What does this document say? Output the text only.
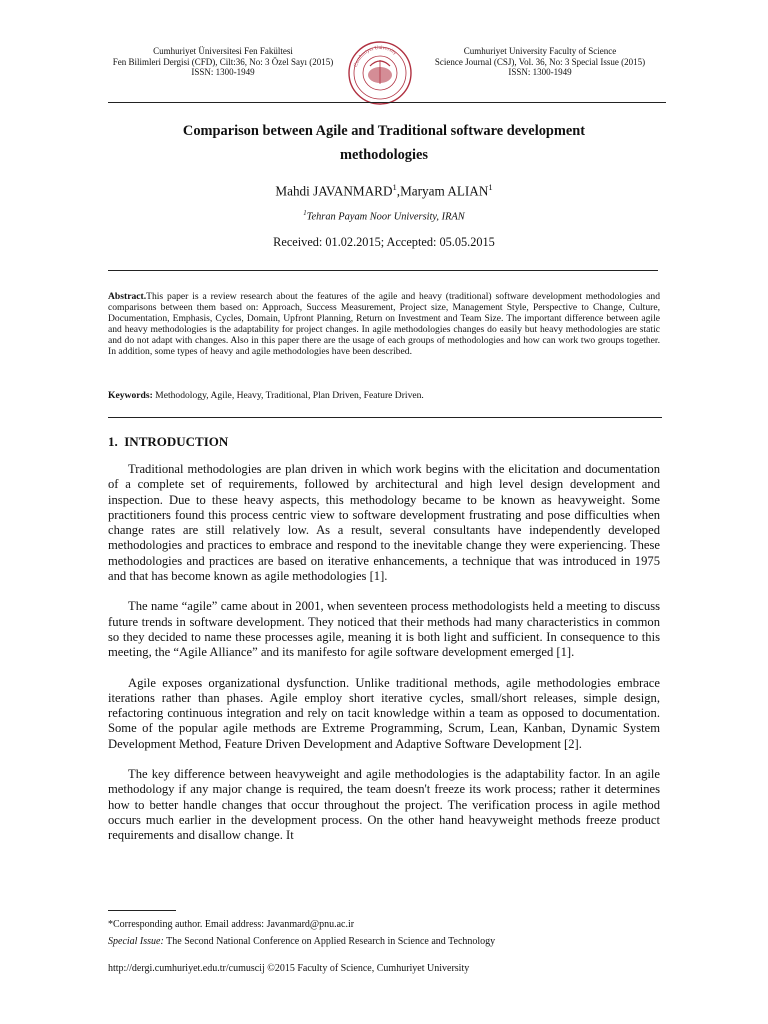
Cumhuriyet Üniversitesi Fen Fakültesi
Fen Bilimleri Dergisi (CFD), Cilt:36, No: 3 Özel Sayı (2015)
ISSN: 1300-1949
Cumhuriyet University	Cumhuriyet University Faculty of Science
Science Journal (CSJ), Vol. 36, No: 3 Special Issue (2015)
ISSN: 1300-1949
Comparison between Agile and Traditional software development
methodologies
Mahdi JAVANMARD$^1$,Maryam ALIAN$^1$
$^1$Tehran Payam Noor University, IRAN
Received: 01.02.2015; Accepted: 05.05.2015
Abstract.This paper is a review research about the features of the agile and heavy (traditional) software development methodologies and comparisons between them based on: Approach, Success Measurement, Project size, Management Style, Perspective to Change, Culture, Documentation, Emphasis, Cycles, Domain, Upfront Planning, Return on Investment and Team Size. The important difference between agile and heavy methodologies is the adaptability for project changes. In agile methodologies changes do easily but heavy methodologies are static and do not adapt with changes. Also in this paper there are the usage of each groups of methodologies and how can work two groups together. In addition, some types of heavy and agile methodologies have been described.
Keywords: Methodology, Agile, Heavy, Traditional, Plan Driven, Feature Driven.
1. INTRODUCTION

Traditional methodologies are plan driven in which work begins with the elicitation and documentation of a complete set of requirements, followed by architectural and high level design development and inspection. Due to these heavy aspects, this methodology became to be known as heavyweight. Some practitioners found this process centric view to software development frustrating and pose difficulties when change rates are still relatively low. As a result, several consultants have independently developed methodologies and practices to embrace and respond to the inevitable change they were experiencing. These methodologies and practices are based on iterative enhancements, a technique that was introduced in 1975 and that has become known as agile methodologies [1].

The name “agile” came about in 2001, when seventeen process methodologists held a meeting to discuss future trends in software development. They noticed that their methods had many characteristics in common so they decided to name these processes agile, meaning it is both light and sufficient. In consequence to this meeting, the “Agile Alliance” and its manifesto for agile software development emerged [1].

Agile exposes organizational dysfunction. Unlike traditional methods, agile methodologies embrace iterations rather than phases. Agile employ short iterative cycles, small/short releases, simple design, refactoring continuous integration and rely on tacit knowledge within a team as opposed to documentation. Some of the popular agile methods are Extreme Programming, Scrum, Lean, Kanban, Dynamic System Development Method, Feature Driven Development and Adaptive Software Development [2].

The key difference between heavyweight and agile methodologies is the adaptability factor. In an agile methodology if any major change is required, the team doesn't freeze its work process; rather it determines how to better handle changes that occur throughout the project. The verification process in agile method occurs much earlier in the development process. On the other hand heavyweight methods freeze product requirements and disallow change. It

*Corresponding author. Email address: Javanmard@pnu.ac.ir
Special Issue: The Second National Conference on Applied Research in Science and Technology
http://dergi.cumhuriyet.edu.tr/cumuscij ©2015 Faculty of Science, Cumhuriyet University
